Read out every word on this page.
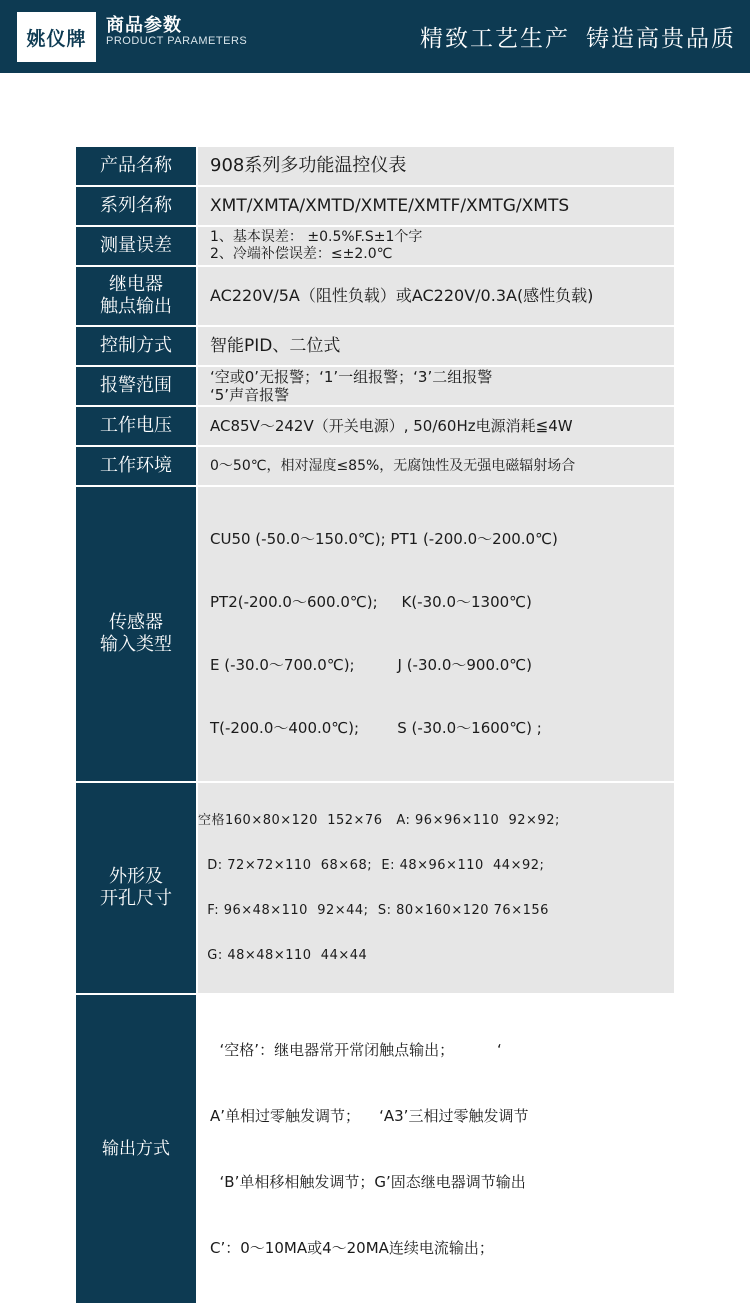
姚仪牌
商品参数
PRODUCT PARAMETERS	精致工艺生产 铸造高贵品质
产品名称	908系列多功能温控仪表
系列名称	XMT/XMTA/XMTD/XMTE/XMTF/XMTG/XMTS
测量误差	1、基本误差： ±0.5%F.S±1个字
2、冷端补偿误差：≤±2.0℃

继电器
触点输出	AC220V/5A（阻性负载）或AC220V/0.3A(感性负载)
控制方式	智能PID、二位式
报警范围	‘空或0’无报警；‘1’一组报警；‘3’二组报警
‘5’声音报警

工作电压	AC85V～242V（开关电源）, 50/60Hz电源消耗≦4W
工作环境	0～50℃，相对湿度≤85%，无腐蚀性及无强电磁辐射场合

传感器
输入类型	CU50 (-50.0～150.0℃); PT1 (-200.0～200.0℃)

PT2(-200.0～600.0℃);     K(-30.0～1300℃)

E (-30.0～700.0℃);         J (-30.0～900.0℃)

T(-200.0～400.0℃);        S (-30.0～1600℃) ;

外形及
开孔尺寸	空格160×80×120  152×76   A: 96×96×110  92×92;

D: 72×72×110  68×68;  E: 48×96×110  44×92;

F: 96×48×110  92×44;  S: 80×160×120 76×156

G: 48×48×110  44×44

输出方式	‘空格’：继电器常开常闭触点输出；         ‘

A’单相过零触发调节；    ‘A3’三相过零触发调节

‘B’单相移相触发调节；G’固态继电器调节输出

C’：0～10MA或4～20MA连续电流输出；
